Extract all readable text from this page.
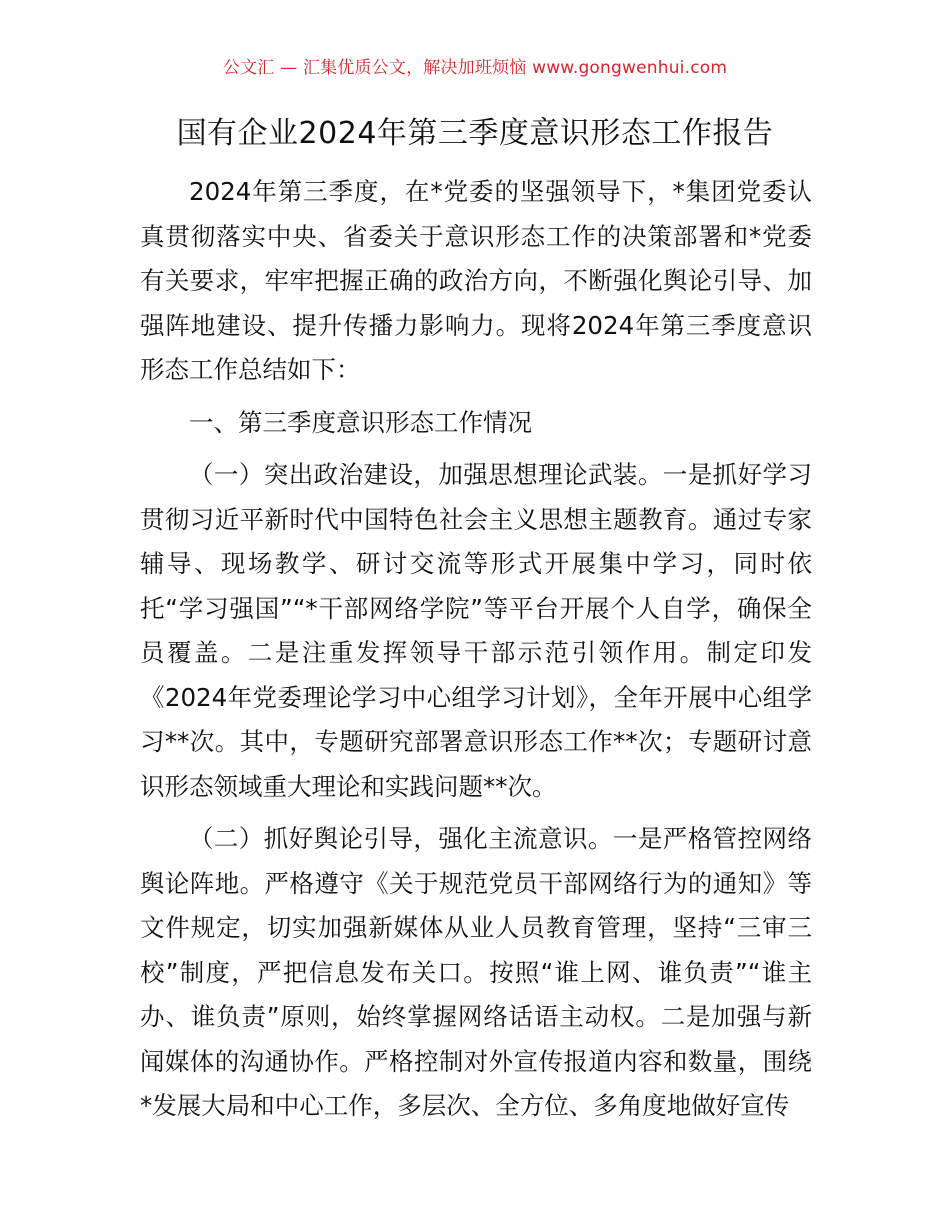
公文汇 — 汇集优质公文，解决加班烦恼 www.gongwenhui.com
国有企业2024年第三季度意识形态工作报告

2024年第三季度，在*党委的坚强领导下，*集团党委认真贯彻落实中央、省委关于意识形态工作的决策部署和*党委有关要求，牢牢把握正确的政治方向，不断强化舆论引导、加强阵地建设、提升传播力影响力。现将2024年第三季度意识形态工作总结如下：

一、第三季度意识形态工作情况

（一）突出政治建设，加强思想理论武装。一是抓好学习贯彻习近平新时代中国特色社会主义思想主题教育。通过专家辅导、现场教学、研讨交流等形式开展集中学习，同时依托“学习强国”“*干部网络学院”等平台开展个人自学，确保全员覆盖。二是注重发挥领导干部示范引领作用。制定印发《2024年党委理论学习中心组学习计划》，全年开展中心组学习**次。其中，专题研究部署意识形态工作**次；专题研讨意识形态领域重大理论和实践问题**次。

（二）抓好舆论引导，强化主流意识。一是严格管控网络舆论阵地。严格遵守《关于规范党员干部网络行为的通知》等文件规定，切实加强新媒体从业人员教育管理，坚持“三审三校”制度，严把信息发布关口。按照“谁上网、谁负责”“谁主办、谁负责”原则，始终掌握网络话语主动权。二是加强与新闻媒体的沟通协作。严格控制对外宣传报道内容和数量，围绕*发展大局和中心工作，多层次、全方位、多角度地做好宣传
